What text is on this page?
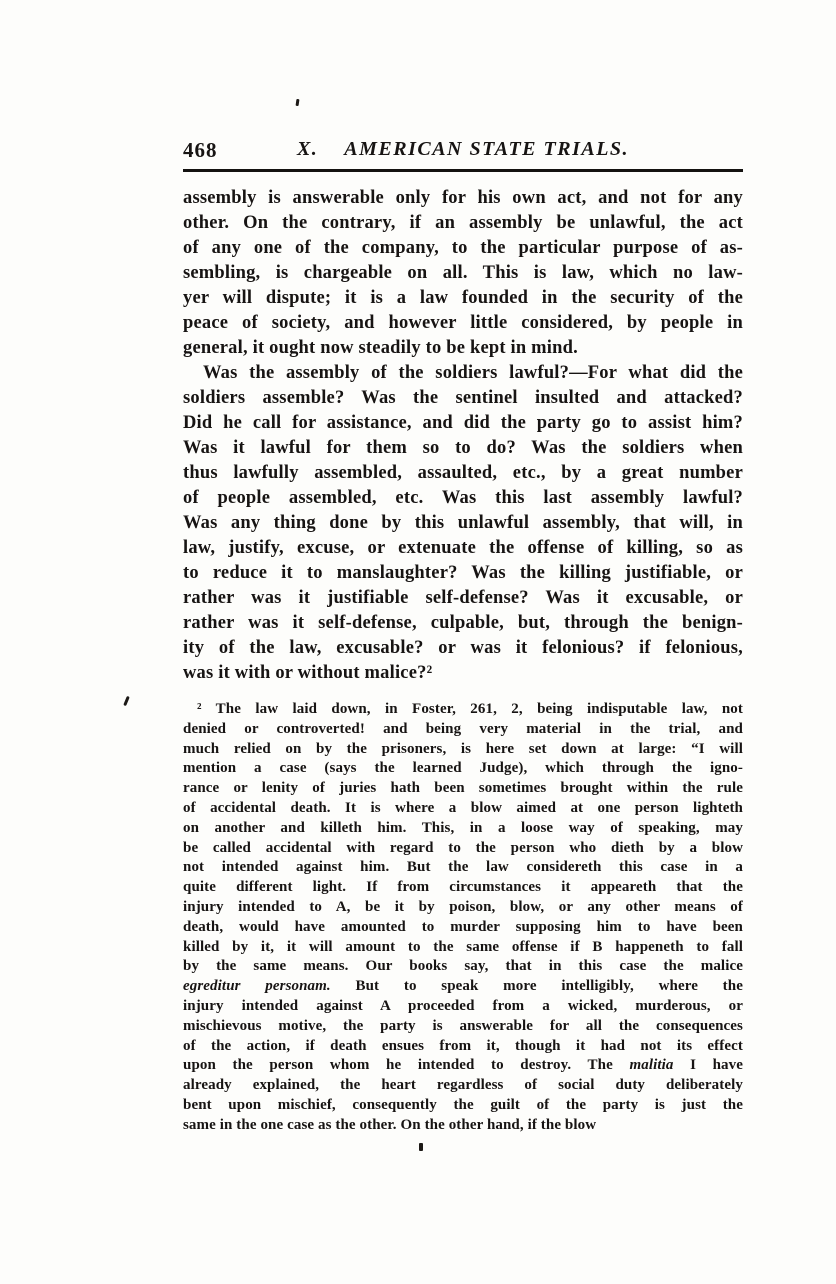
468	X. AMERICAN STATE TRIALS.
assembly is answerable only for his own act, and not for any
other. On the contrary, if an assembly be unlawful, the act
of any one of the company, to the particular purpose of as-
sembling, is chargeable on all. This is law, which no law-
yer will dispute; it is a law founded in the security of the
peace of society, and however little considered, by people in
general, it ought now steadily to be kept in mind.
Was the assembly of the soldiers lawful?—For what did the
soldiers assemble? Was the sentinel insulted and attacked?
Did he call for assistance, and did the party go to assist him?
Was it lawful for them so to do? Was the soldiers when
thus lawfully assembled, assaulted, etc., by a great number
of people assembled, etc. Was this last assembly lawful?
Was any thing done by this unlawful assembly, that will, in
law, justify, excuse, or extenuate the offense of killing, so as
to reduce it to manslaughter? Was the killing justifiable, or
rather was it justifiable self-defense? Was it excusable, or
rather was it self-defense, culpable, but, through the benign-
ity of the law, excusable? or was it felonious? if felonious,
was it with or without malice?²
² The law laid down, in Foster, 261, 2, being indisputable law, not
denied or controverted! and being very material in the trial, and
much relied on by the prisoners, is here set down at large: “I will
mention a case (says the learned Judge), which through the igno-
rance or lenity of juries hath been sometimes brought within the rule
of accidental death. It is where a blow aimed at one person lighteth
on another and killeth him. This, in a loose way of speaking, may
be called accidental with regard to the person who dieth by a blow
not intended against him. But the law considereth this case in a
quite different light. If from circumstances it appeareth that the
injury intended to A, be it by poison, blow, or any other means of
death, would have amounted to murder supposing him to have been
killed by it, it will amount to the same offense if B happeneth to fall
by the same means. Our books say, that in this case the malice
egreditur personam. But to speak more intelligibly, where the
injury intended against A proceeded from a wicked, murderous, or
mischievous motive, the party is answerable for all the consequences
of the action, if death ensues from it, though it had not its effect
upon the person whom he intended to destroy. The malitia I have
already explained, the heart regardless of social duty deliberately
bent upon mischief, consequently the guilt of the party is just the
same in the one case as the other. On the other hand, if the blow
